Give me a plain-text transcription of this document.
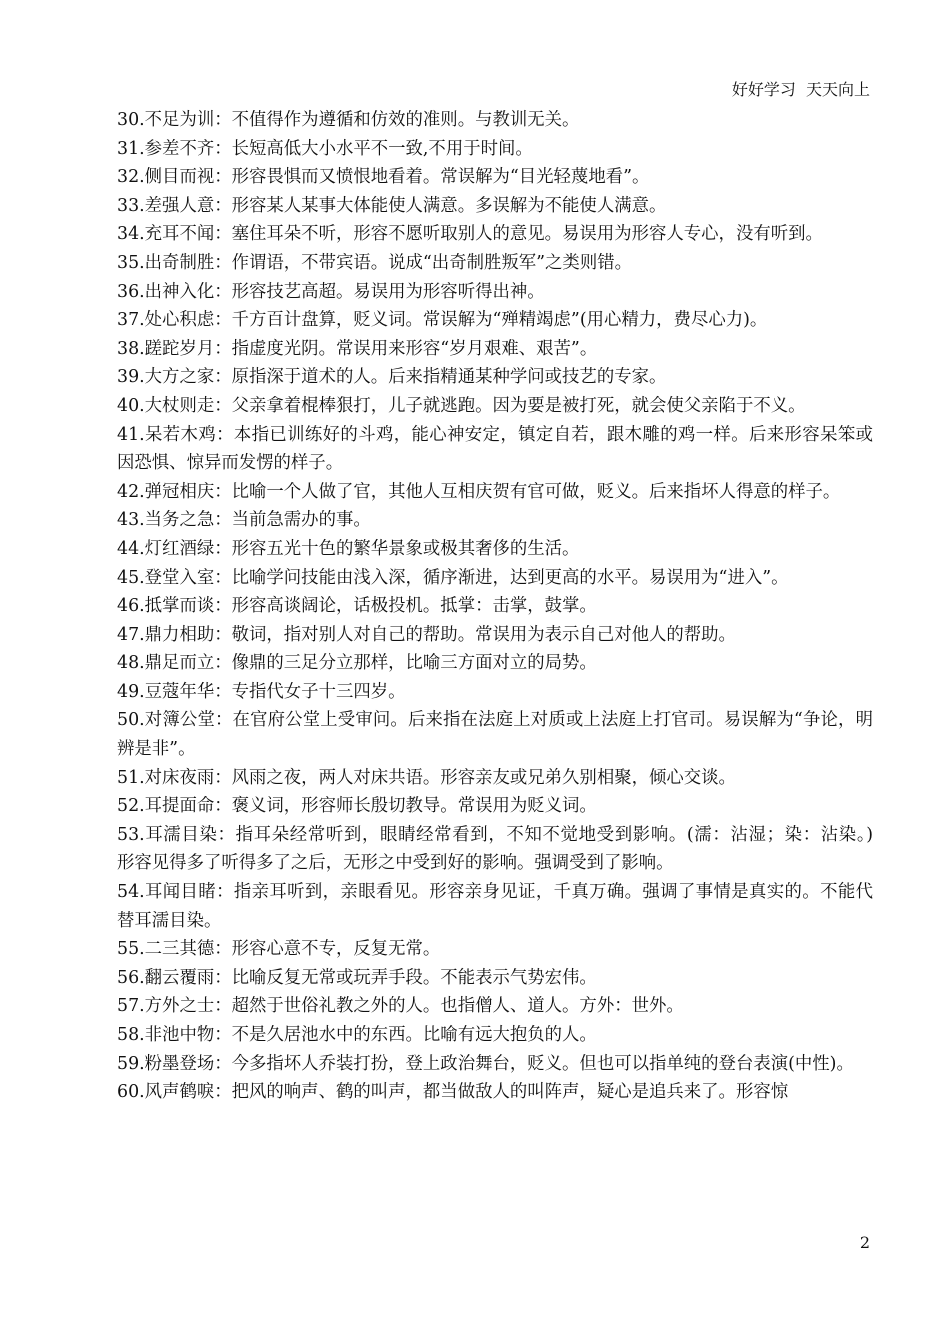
好好学习  天天向上

30.不足为训：不值得作为遵循和仿效的准则。与教训无关。

31.参差不齐：长短高低大小水平不一致,不用于时间。

32.侧目而视：形容畏惧而又愤恨地看着。常误解为“目光轻蔑地看”。

33.差强人意：形容某人某事大体能使人满意。多误解为不能使人满意。

34.充耳不闻：塞住耳朵不听，形容不愿听取别人的意见。易误用为形容人专心，没有听到。

35.出奇制胜：作谓语，不带宾语。说成“出奇制胜叛军”之类则错。

36.出神入化：形容技艺高超。易误用为形容听得出神。

37.处心积虑：千方百计盘算，贬义词。常误解为“殚精竭虑”(用心精力，费尽心力)。

38.蹉跎岁月：指虚度光阴。常误用来形容“岁月艰难、艰苦”。

39.大方之家：原指深于道术的人。后来指精通某种学问或技艺的专家。

40.大杖则走：父亲拿着棍棒狠打，儿子就逃跑。因为要是被打死，就会使父亲陷于不义。

41.呆若木鸡：本指已训练好的斗鸡，能心神安定，镇定自若，跟木雕的鸡一样。后来形容呆笨或因恐惧、惊异而发愣的样子。

42.弹冠相庆：比喻一个人做了官，其他人互相庆贺有官可做，贬义。后来指坏人得意的样子。

43.当务之急：当前急需办的事。

44.灯红酒绿：形容五光十色的繁华景象或极其奢侈的生活。

45.登堂入室：比喻学问技能由浅入深，循序渐进，达到更高的水平。易误用为“进入”。

46.抵掌而谈：形容高谈阔论，话极投机。抵掌：击掌，鼓掌。

47.鼎力相助：敬词，指对别人对自己的帮助。常误用为表示自己对他人的帮助。

48.鼎足而立：像鼎的三足分立那样，比喻三方面对立的局势。

49.豆蔻年华：专指代女子十三四岁。

50.对簿公堂：在官府公堂上受审问。后来指在法庭上对质或上法庭上打官司。易误解为“争论，明辨是非”。

51.对床夜雨：风雨之夜，两人对床共语。形容亲友或兄弟久别相聚，倾心交谈。

52.耳提面命：褒义词，形容师长殷切教导。常误用为贬义词。

53.耳濡目染：指耳朵经常听到，眼睛经常看到，不知不觉地受到影响。(濡：沾湿；染：沾染。)　形容见得多了听得多了之后，无形之中受到好的影响。强调受到了影响。

54.耳闻目睹：指亲耳听到，亲眼看见。形容亲身见证，千真万确。强调了事情是真实的。不能代替耳濡目染。

55.二三其德：形容心意不专，反复无常。

56.翻云覆雨：比喻反复无常或玩弄手段。不能表示气势宏伟。

57.方外之士：超然于世俗礼教之外的人。也指僧人、道人。方外：世外。

58.非池中物：不是久居池水中的东西。比喻有远大抱负的人。

59.粉墨登场：今多指坏人乔装打扮，登上政治舞台，贬义。但也可以指单纯的登台表演(中性)。

60.风声鹤唳：把风的响声、鹤的叫声，都当做敌人的叫阵声，疑心是追兵来了。形容惊

2
